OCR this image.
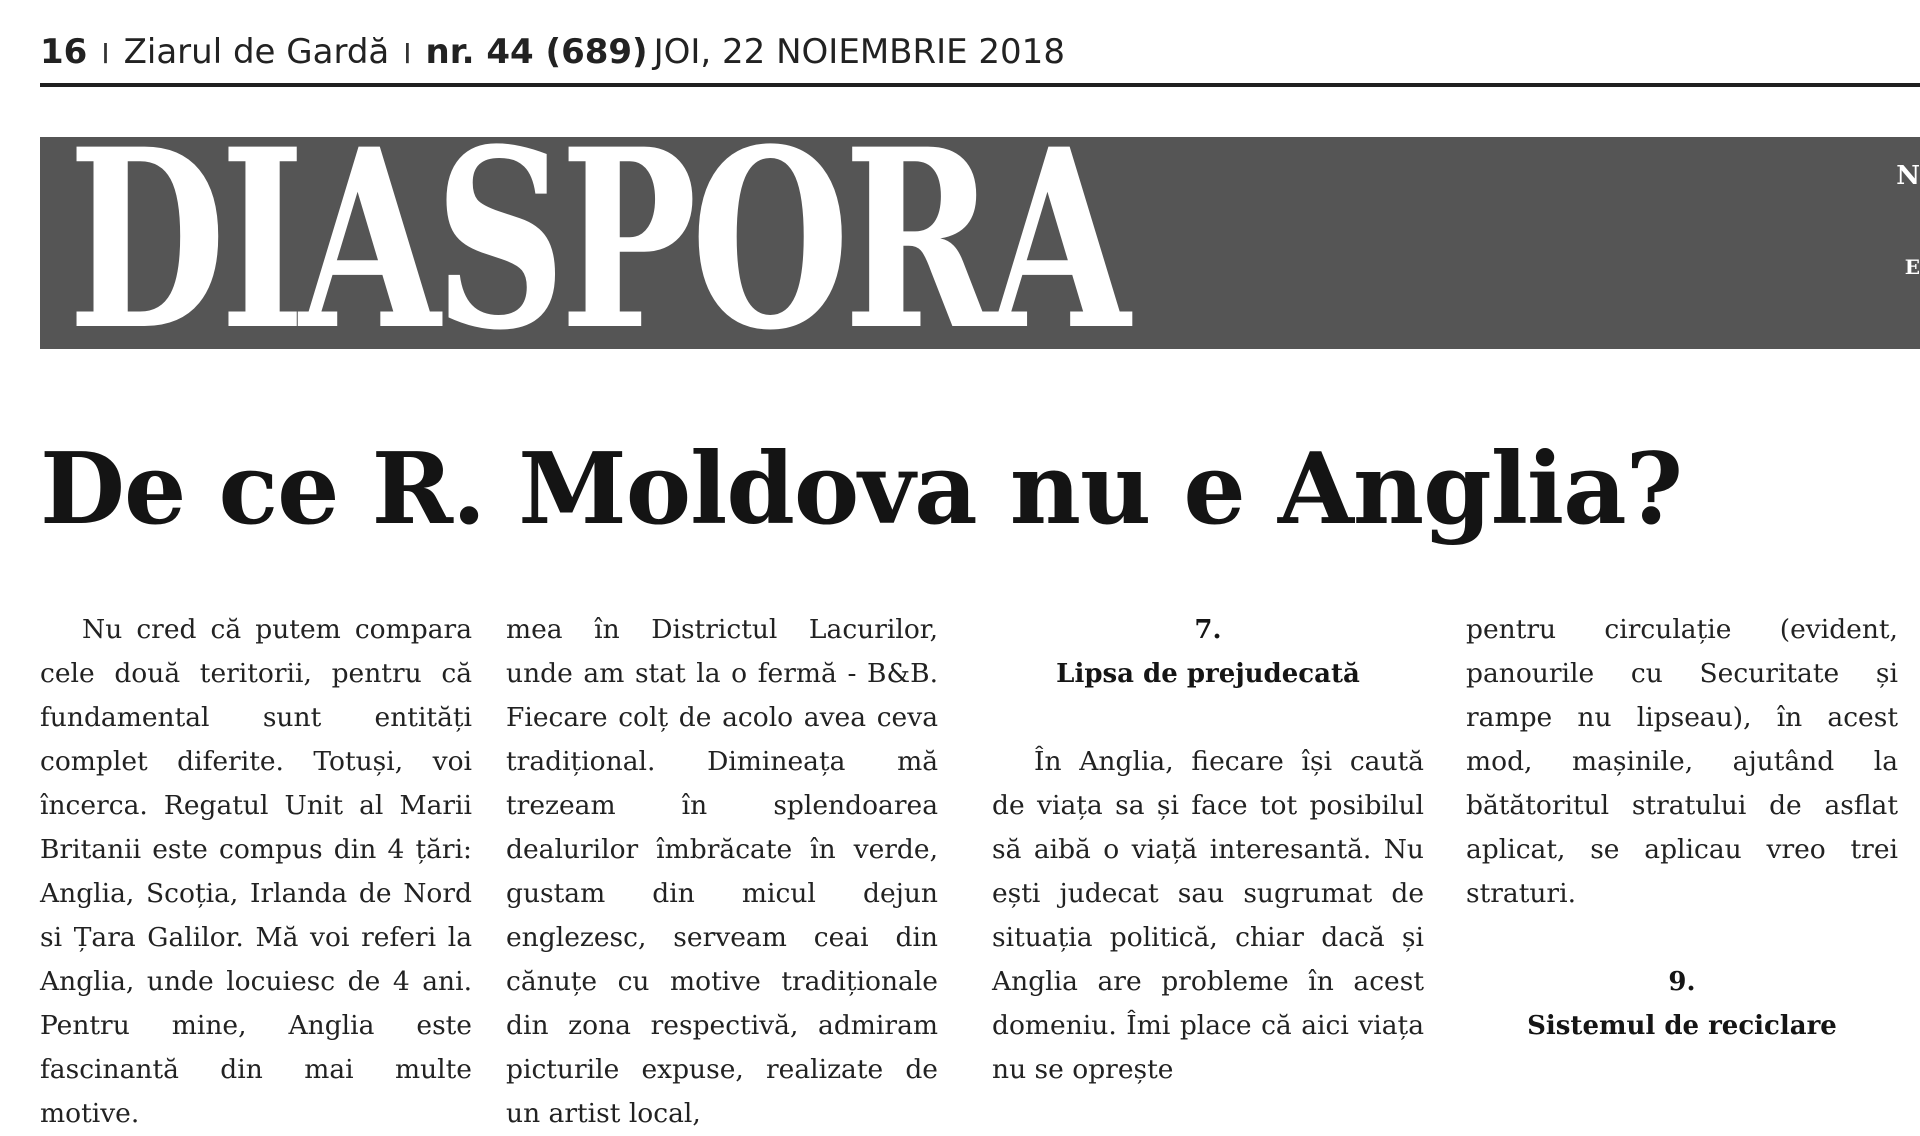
16 I Ziarul de Gardă I nr. 44 (689) JOI, 22 NOIEMBRIE 2018
DIASPORA	N
E
De ce R. Moldova nu e Anglia?

Nu cred că putem compara cele două teritorii, pentru că fundamental sunt entități complet diferite. Totuși, voi încerca. Regatul Unit al Marii Britanii este compus din 4 țări: Anglia, Scoția, Irlanda de Nord si Țara Galilor. Mă voi referi la Anglia, unde locuiesc de 4 ani. Pentru mine, Anglia este fascinantă din mai multe motive.

mea în Districtul Lacurilor, unde am stat la o fermă - B&B. Fiecare colț de acolo avea ceva tradițional. Dimineața mă trezeam în splendoarea dealurilor îmbrăcate în verde, gustam din micul dejun englezesc, serveam ceai din cănuțe cu motive tradiționale din zona respectivă, admiram picturile expuse, realizate de un artist local,

7.
Lipsa de prejudecată

În Anglia, fiecare își caută de viața sa și face tot posibilul să aibă o viață interesantă. Nu ești judecat sau sugrumat de situația politică, chiar dacă și Anglia are probleme în acest domeniu. Îmi place că aici viața nu se oprește

pentru circulație (evident, panourile cu Securitate și rampe nu lipseau), în acest mod, mașinile, ajutând la bătătoritul stratului de asflat aplicat, se aplicau vreo trei straturi.

9.
Sistemul de reciclare
